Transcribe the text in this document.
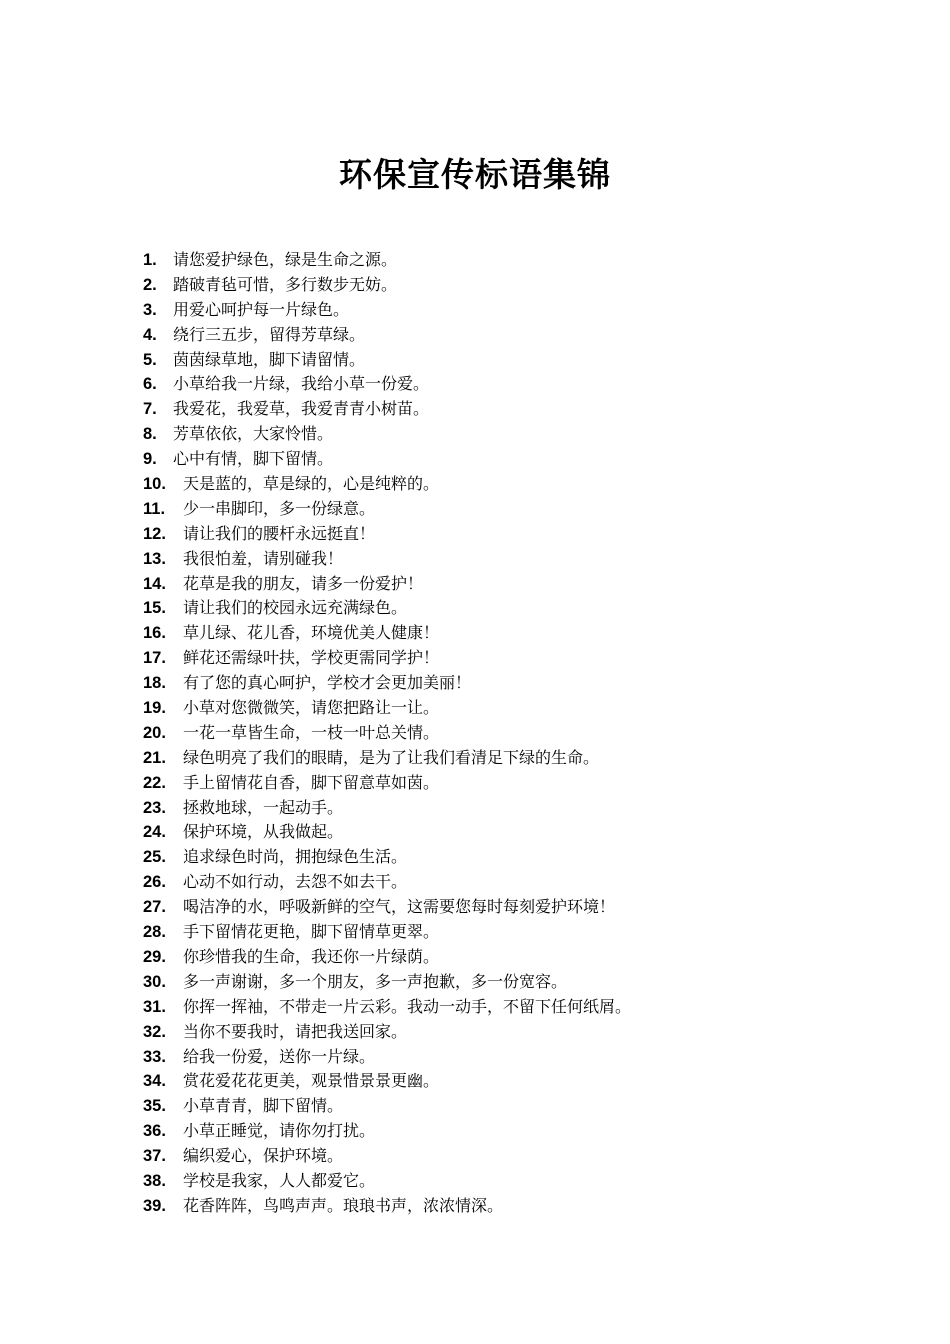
环保宣传标语集锦
1. 请您爱护绿色，绿是生命之源。
2. 踏破青毡可惜，多行数步无妨。
3. 用爱心呵护每一片绿色。
4. 绕行三五步，留得芳草绿。
5. 茵茵绿草地，脚下请留情。
6. 小草给我一片绿，我给小草一份爱。
7. 我爱花，我爱草，我爱青青小树苗。
8. 芳草依依，大家怜惜。
9. 心中有情，脚下留情。
10. 天是蓝的，草是绿的，心是纯粹的。
11. 少一串脚印，多一份绿意。
12. 请让我们的腰杆永远挺直！
13. 我很怕羞，请别碰我！
14. 花草是我的朋友，请多一份爱护！
15. 请让我们的校园永远充满绿色。
16. 草儿绿、花儿香，环境优美人健康！
17. 鲜花还需绿叶扶，学校更需同学护！
18. 有了您的真心呵护，学校才会更加美丽！
19. 小草对您微微笑，请您把路让一让。
20. 一花一草皆生命，一枝一叶总关情。
21. 绿色明亮了我们的眼睛，是为了让我们看清足下绿的生命。
22. 手上留情花自香，脚下留意草如茵。
23. 拯救地球，一起动手。
24. 保护环境，从我做起。
25. 追求绿色时尚，拥抱绿色生活。
26. 心动不如行动，去怨不如去干。
27. 喝洁净的水，呼吸新鲜的空气，这需要您每时每刻爱护环境！
28. 手下留情花更艳，脚下留情草更翠。
29. 你珍惜我的生命，我还你一片绿荫。
30. 多一声谢谢，多一个朋友，多一声抱歉，多一份宽容。
31. 你挥一挥袖，不带走一片云彩。我动一动手，不留下任何纸屑。
32. 当你不要我时，请把我送回家。
33. 给我一份爱，送你一片绿。
34. 赏花爱花花更美，观景惜景景更幽。
35. 小草青青，脚下留情。
36. 小草正睡觉，请你勿打扰。
37. 编织爱心，保护环境。
38. 学校是我家，人人都爱它。
39. 花香阵阵，鸟鸣声声。琅琅书声，浓浓情深。
